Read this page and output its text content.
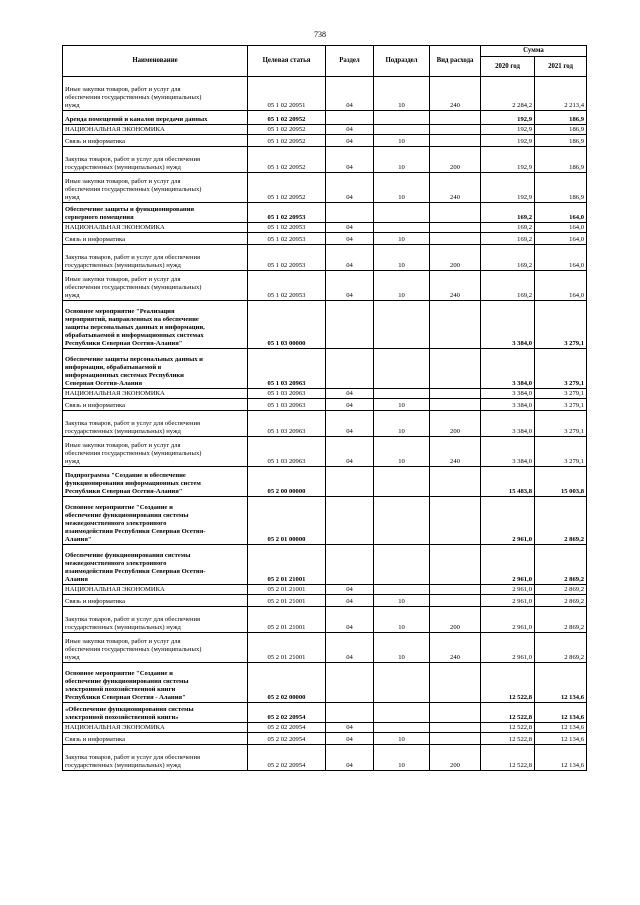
738
Наименование	Целевая статья	Раздел	Подраздел	Вид расхода	Сумма	
					2020 год	2021 год
Иные закупки товаров, работ и услуг для
обеспечения государственных (муниципальных)
нужд	05 1 02 20951	04	10	240	2 284,2	2 213,4
Аренда помещений и каналов передачи данных	05 1 02 20952				192,9	186,9
НАЦИОНАЛЬНАЯ ЭКОНОМИКА	05 1 02 20952	04			192,9	186,9
Связь и информатика	05 1 02 20952	04	10		192,9	186,9
Закупка товаров, работ и услуг для обеспечения
государственных (муниципальных) нужд	05 1 02 20952	04	10	200	192,9	186,9
Иные закупки товаров, работ и услуг для
обеспечения государственных (муниципальных)
нужд	05 1 02 20952	04	10	240	192,9	186,9
Обеспечение защиты и функционирования
серверного помещения	05 1 02 20953				169,2	164,0
НАЦИОНАЛЬНАЯ ЭКОНОМИКА	05 1 02 20953	04			169,2	164,0
Связь и информатика	05 1 02 20953	04	10		169,2	164,0
Закупка товаров, работ и услуг для обеспечения
государственных (муниципальных) нужд	05 1 02 20953	04	10	200	169,2	164,0
Иные закупки товаров, работ и услуг для
обеспечения государственных (муниципальных)
нужд	05 1 02 20953	04	10	240	169,2	164,0
Основное мероприятие "Реализация
мероприятий, направленных на обеспечение
защиты персональных данных и информации,
обрабатываемой в информационных системах
Республики Северная Осетия-Алания"	05 1 03 00000				3 384,0	3 279,1
Обеспечение защиты персональных данных и
информации, обрабатываемой в
информационных системах Республики
Северная Осетия-Алания	05 1 03 20963				3 384,0	3 279,1
НАЦИОНАЛЬНАЯ ЭКОНОМИКА	05 1 03 20963	04			3 384,0	3 279,1
Связь и информатика	05 1 03 20963	04	10		3 384,0	3 279,1
Закупка товаров, работ и услуг для обеспечения
государственных (муниципальных) нужд	05 1 03 20963	04	10	200	3 384,0	3 279,1
Иные закупки товаров, работ и услуг для
обеспечения государственных (муниципальных)
нужд	05 1 03 20963	04	10	240	3 384,0	3 279,1
Подпрограмма "Создание и обеспечение
функционирования информационных систем
Республики Северная Осетия-Алания"	05 2 00 00000				15 483,8	15 003,8
Основное мероприятие "Создание и
обеспечение функционирования системы
межведомственного электронного
взаимодействия Республики Северная Осетия-
Алания"	05 2 01 00000				2 961,0	2 869,2
Обеспечение функционирования системы
межведомственного электронного
взаимодействия Республики Северная Осетия-
Алания	05 2 01 21001				2 961,0	2 869,2
НАЦИОНАЛЬНАЯ ЭКОНОМИКА	05 2 01 21001	04			2 961,0	2 869,2
Связь и информатика	05 2 01 21001	04	10		2 961,0	2 869,2
Закупка товаров, работ и услуг для обеспечения
государственных (муниципальных) нужд	05 2 01 21001	04	10	200	2 961,0	2 869,2
Иные закупки товаров, работ и услуг для
обеспечения государственных (муниципальных)
нужд	05 2 01 21001	04	10	240	2 961,0	2 869,2
Основное мероприятие "Создание и
обеспечение функционирования системы
электронной похозяйственной книги
Республики Северная Осетия - Алания"	05 2 02 00000				12 522,8	12 134,6
«Обеспечение функционирования системы
электронной похозяйственной книги»	05 2 02 20954				12 522,8	12 134,6
НАЦИОНАЛЬНАЯ ЭКОНОМИКА	05 2 02 20954	04			12 522,8	12 134,6
Связь и информатика	05 2 02 20954	04	10		12 522,8	12 134,6
Закупка товаров, работ и услуг для обеспечения
государственных (муниципальных) нужд	05 2 02 20954	04	10	200	12 522,8	12 134,6
